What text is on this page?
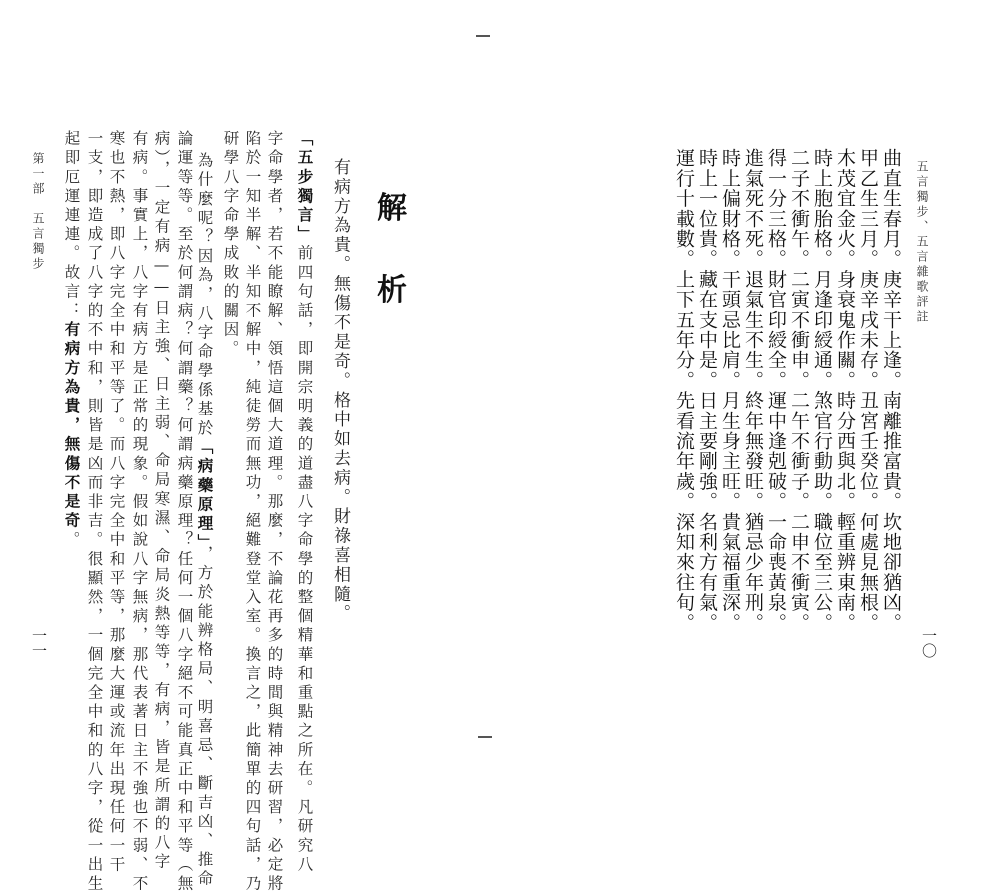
五言獨步、五言雜歌評註
曲直生春月。庚辛干上逢。南離推富貴。坎地卻猶凶。
甲乙生三月。庚辛戌未存。丑宮壬癸位。何處見無根。
木茂宜金火。身衰鬼作關。時分西與北。輕重辨東南。
時上胞胎格。月逢印綬通。煞官行動助。職位至三公。
二子不衝午。二寅不衝申。二午不衝子。二申不衝寅。
得一分三格。財官印綬全。運中逢剋破。一命喪黃泉。
進氣死不死。退氣生不生。終年無發旺。猶忌少年刑。
時上偏財格。干頭忌比肩。月生身主旺。貴氣福重深。
時上一位貴。藏在支中是。日主要剛強。名利方有氣。
運行十載數。上下五年分。先看流年歲。深知來往旬。
一〇
解
析
有病方為貴。無傷不是奇。格中如去病。財祿喜相隨。
「五步獨言」前四句話，即開宗明義的道盡八字命學的整個精華和重點之所在。凡研究八
字命學者，若不能瞭解、領悟這個大道理。那麼，不論花再多的時間與精神去研習，必定將
陷於一知半解、半知不解中，純徒勞而無功，絕難登堂入室。換言之，此簡單的四句話，乃
研學八字命學成敗的關因。
為什麼呢？因為，八字命學係基於「病藥原理」，方於能辨格局、明喜忌、斷吉凶、推命
論運等等。至於何謂病？何謂藥？何謂病藥原理？任何一個八字絕不可能真正中和平等（無
病），一定有病——日主強、日主弱、命局寒濕、命局炎熱等等，有病，皆是所謂的八字
有病。事實上，八字有病方是正常的現象。假如說八字無病，那代表著日主不強也不弱、不
寒也不熱，即八字完全中和平等了。而八字完全中和平等，那麼大運或流年出現任何一干
一支，即造成了八字的不中和，則皆是凶而非吉。很顯然，一個完全中和的八字，從一出生
起即厄運連連。故言：有病方為貴，無傷不是奇。
第一部　五言獨步
一一
